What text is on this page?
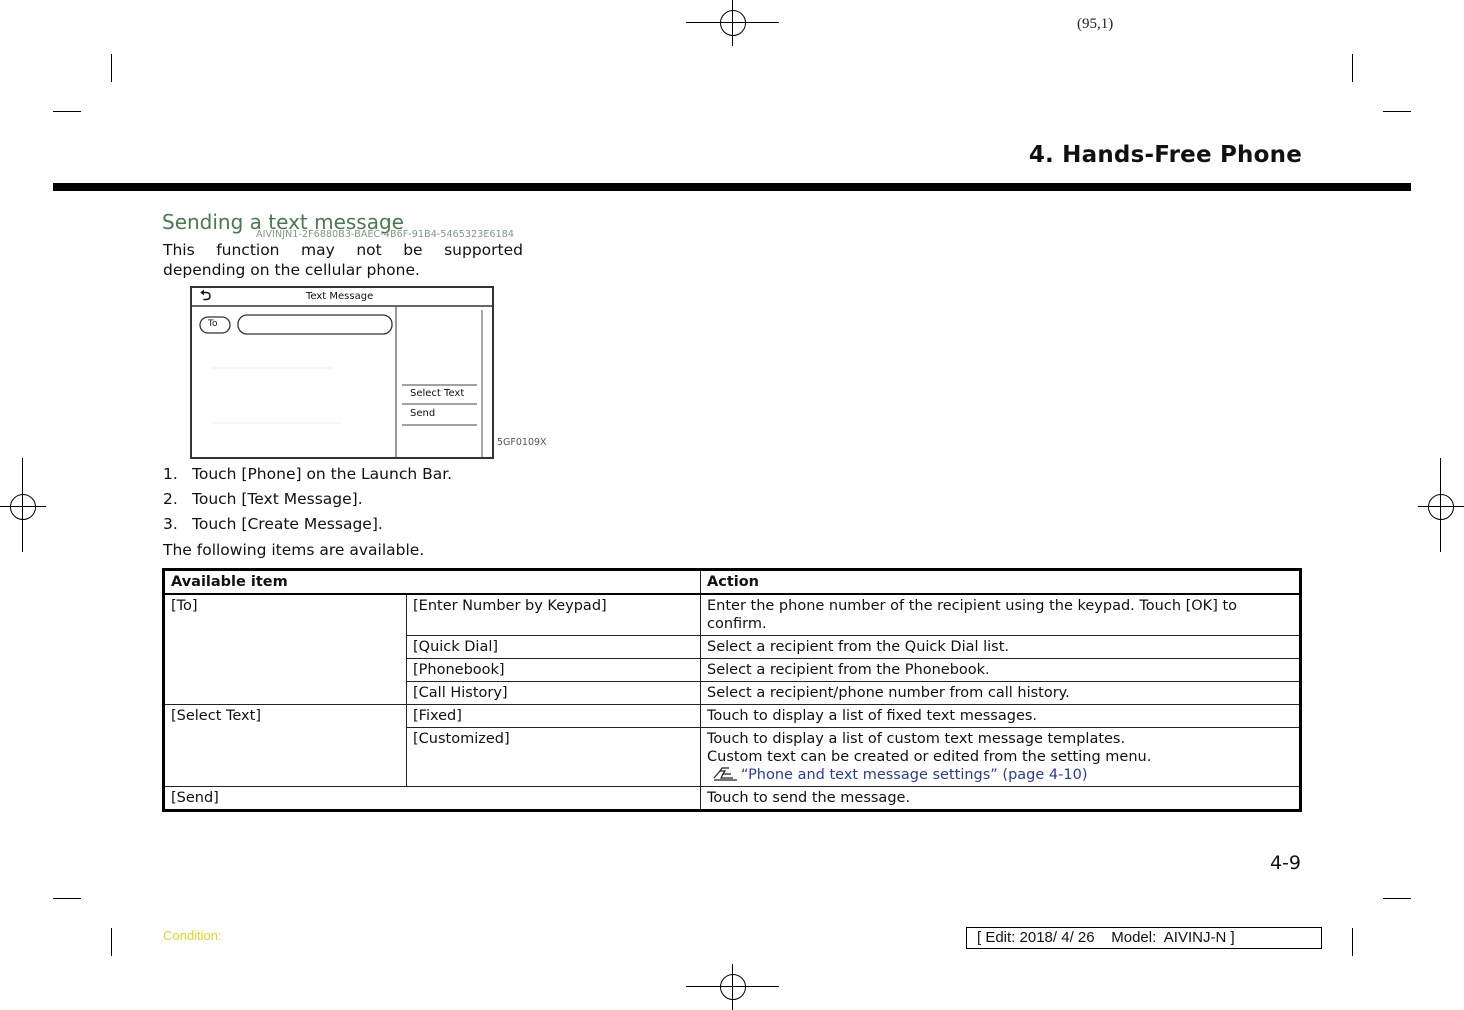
(95,1)
4. Hands-Free Phone
Sending a text message
AIVINJN1-2F6880B3-BAEC-4B6F-91B4-5465323E6184
This function may not be supported depending on the cellular phone.
⮌	Text Message
To
Select Text
Send
5GF0109X
1. Touch [Phone] on the Launch Bar.
2. Touch [Text Message].
3. Touch [Create Message].
The following items are available.
Available item		Action
[To]	[Enter Number by Keypad]	Enter the phone number of the recipient using the keypad. Touch [OK] to confirm.
	[Quick Dial]	Select a recipient from the Quick Dial list.
	[Phonebook]	Select a recipient from the Phonebook.
	[Call History]	Select a recipient/phone number from call history.
[Select Text]	[Fixed]	Touch to display a list of fixed text messages.
	[Customized]	Touch to display a list of custom text message templates.
Custom text can be created or edited from the setting menu.
“Phone and text message settings” (page 4-10)

[Send]		Touch to send the message.
4-9
Condition:	[ Edit: 2018/ 4/ 26    Model:  AIVINJ-N ]
